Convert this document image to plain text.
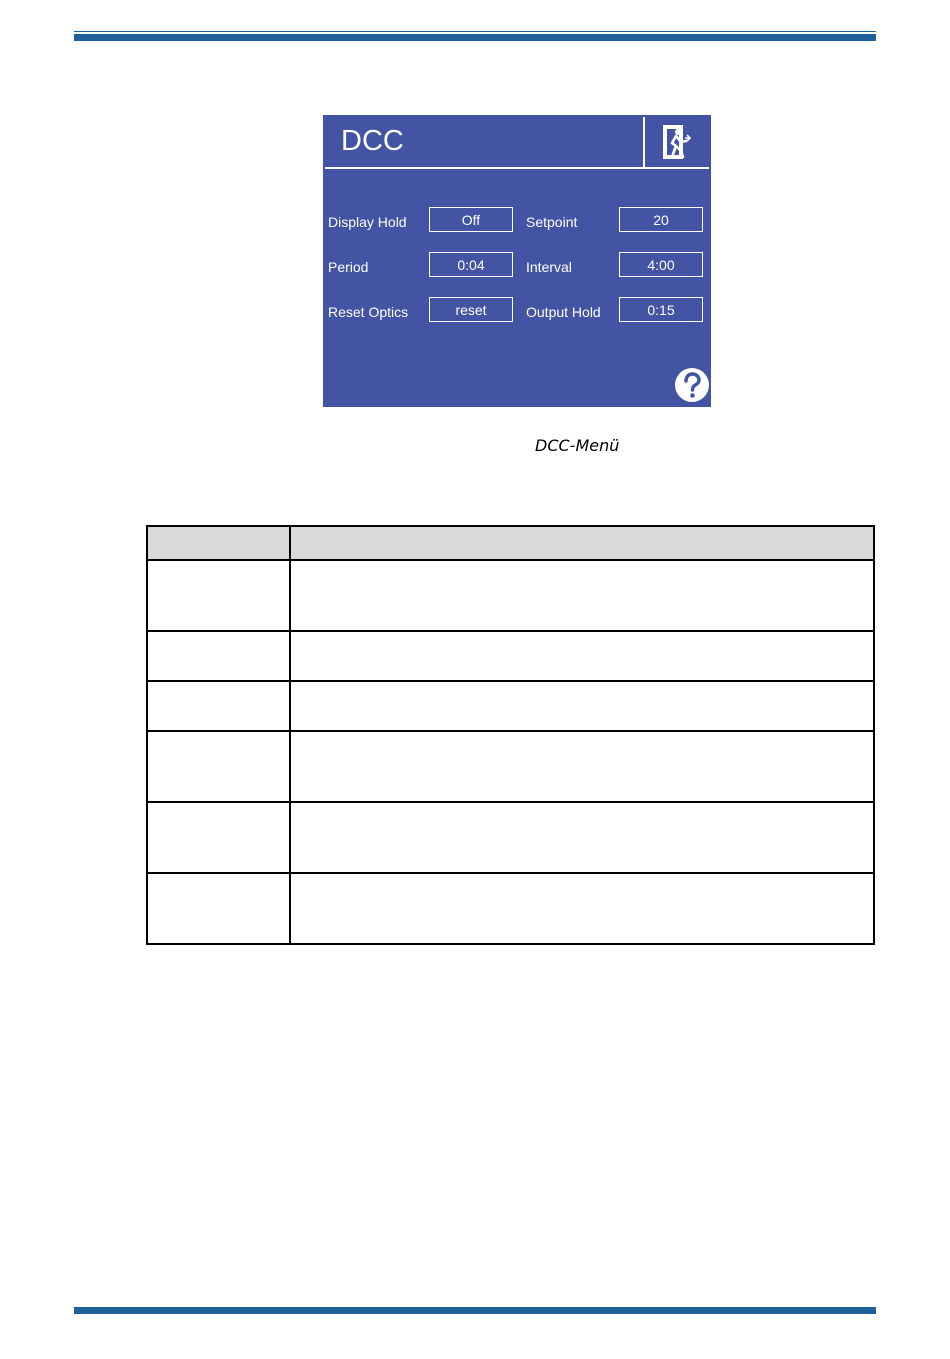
DCC
Display Hold	Off	Setpoint	20
Period	0:04	Interval	4:00
Reset Optics	reset	Output Hold	0:15
DCC-Menü
